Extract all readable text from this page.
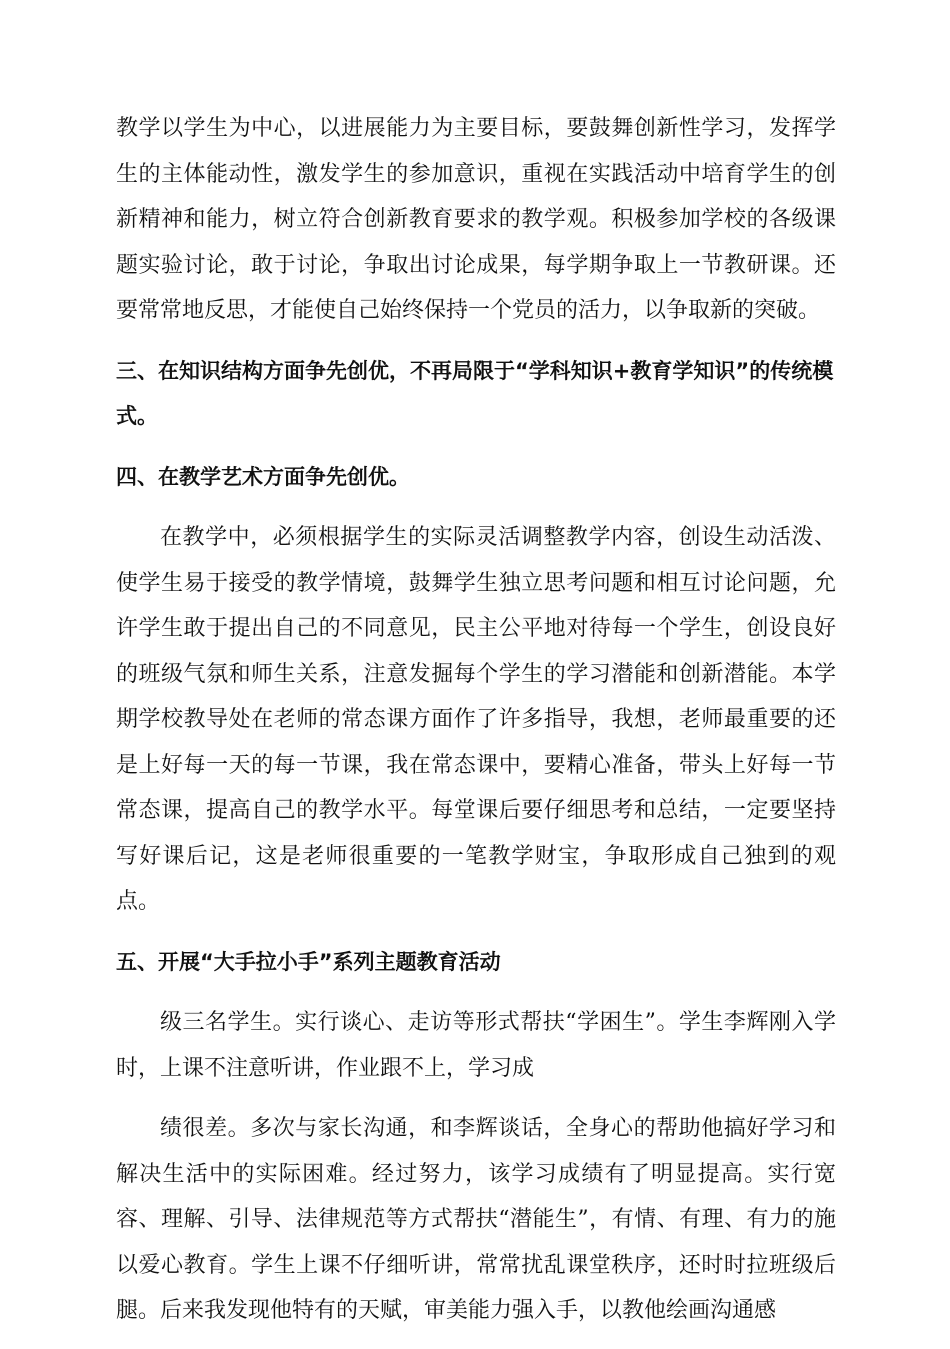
教学以学生为中心，以进展能力为主要目标，要鼓舞创新性学习，发挥学生的主体能动性，激发学生的参加意识，重视在实践活动中培育学生的创新精神和能力，树立符合创新教育要求的教学观。积极参加学校的各级课题实验讨论，敢于讨论，争取出讨论成果，每学期争取上一节教研课。还要常常地反思，才能使自己始终保持一个党员的活力，以争取新的突破。

三、在知识结构方面争先创优，不再局限于“学科知识+教育学知识”的传统模式。

四、在教学艺术方面争先创优。

在教学中，必须根据学生的实际灵活调整教学内容，创设生动活泼、使学生易于接受的教学情境，鼓舞学生独立思考问题和相互讨论问题，允许学生敢于提出自己的不同意见，民主公平地对待每一个学生，创设良好的班级气氛和师生关系，注意发掘每个学生的学习潜能和创新潜能。本学期学校教导处在老师的常态课方面作了许多指导，我想，老师最重要的还是上好每一天的每一节课，我在常态课中，要精心准备，带头上好每一节常态课，提高自己的教学水平。每堂课后要仔细思考和总结，一定要坚持写好课后记，这是老师很重要的一笔教学财宝，争取形成自己独到的观点。

五、开展“大手拉小手”系列主题教育活动

级三名学生。实行谈心、走访等形式帮扶“学困生”。学生李辉刚入学时，上课不注意听讲，作业跟不上，学习成

绩很差。多次与家长沟通，和李辉谈话，全身心的帮助他搞好学习和解决生活中的实际困难。经过努力，该学习成绩有了明显提高。实行宽容、理解、引导、法律规范等方式帮扶“潜能生”，有情、有理、有力的施以爱心教育。学生上课不仔细听讲，常常扰乱课堂秩序，还时时拉班级后腿。后来我发现他特有的天赋，审美能力强入手，以教他绘画沟通感
